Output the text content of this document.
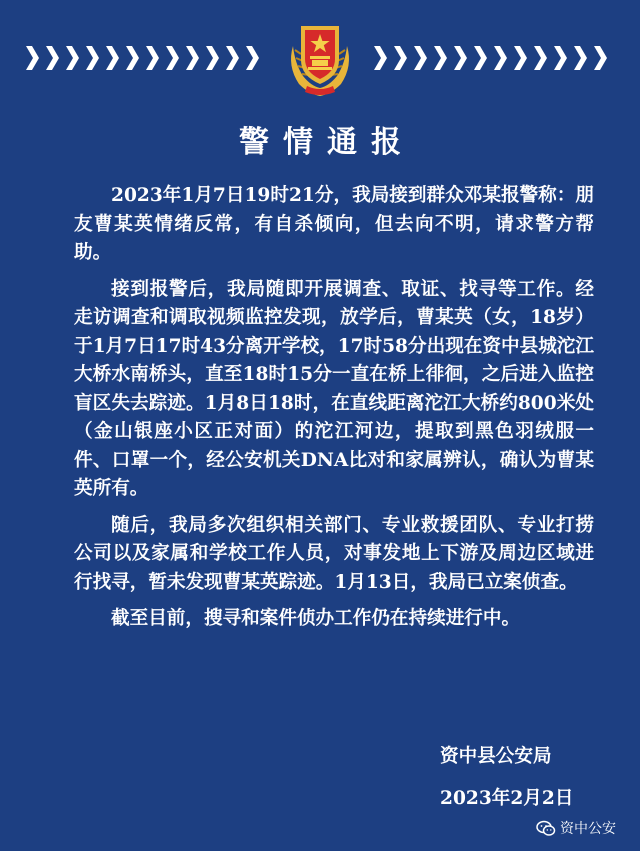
警情通报

2023年1月7日19时21分，我局接到群众邓某报警称：朋友曹某英情绪反常，有自杀倾向，但去向不明，请求警方帮助。

接到报警后，我局随即开展调查、取证、找寻等工作。经走访调查和调取视频监控发现，放学后，曹某英（女，18岁）于1月7日17时43分离开学校，17时58分出现在资中县城沱江大桥水南桥头，直至18时15分一直在桥上徘徊，之后进入监控盲区失去踪迹。1月8日18时，在直线距离沱江大桥约800米处（金山银座小区正对面）的沱江河边，提取到黑色羽绒服一件、口罩一个，经公安机关DNA比对和家属辨认，确认为曹某英所有。

随后，我局多次组织相关部门、专业救援团队、专业打捞公司以及家属和学校工作人员，对事发地上下游及周边区域进行找寻，暂未发现曹某英踪迹。1月13日，我局已立案侦查。

截至目前，搜寻和案件侦办工作仍在持续进行中。

资中县公安局
2023年2月2日
资中公安
